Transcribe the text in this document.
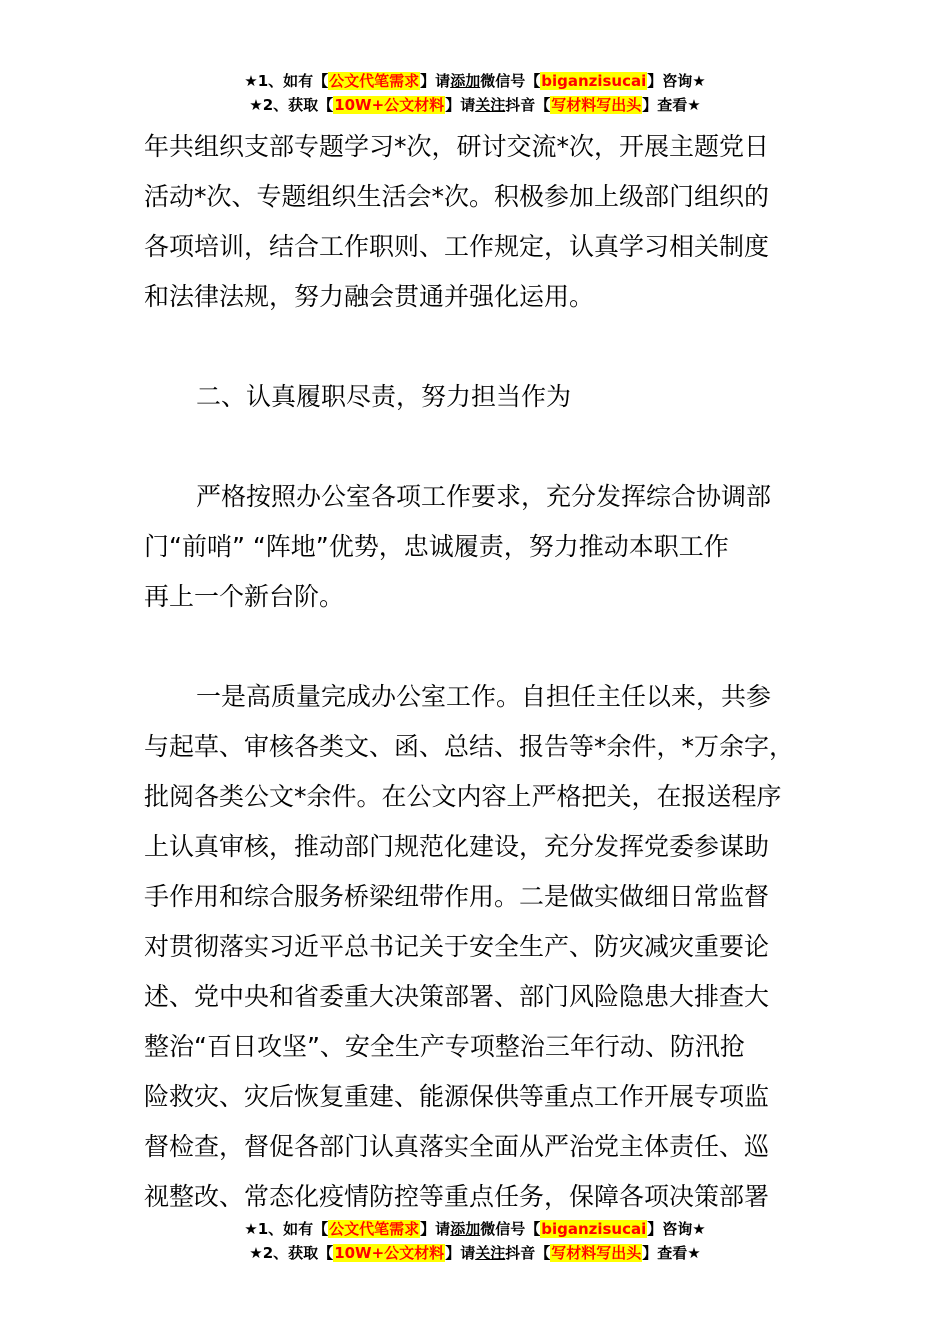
★1、如有【公文代笔需求】请添加微信号【biganzisucai】咨询★
★2、获取【10W+公文材料】请关注抖音【写材料写出头】查看★

年共组织支部专题学习*次，研讨交流*次，开展主题党日

活动*次、专题组织生活会*次。积极参加上级部门组织的

各项培训，结合工作职则、工作规定，认真学习相关制度

和法律法规，努力融会贯通并强化运用。

二、认真履职尽责，努力担当作为

严格按照办公室各项工作要求，充分发挥综合协调部

门“前哨” “阵地”优势，忠诚履责，努力推动本职工作

再上一个新台阶。

一是高质量完成办公室工作。自担任主任以来，共参

与起草、审核各类文、函、总结、报告等*余件，*万余字，

批阅各类公文*余件。在公文内容上严格把关，在报送程序

上认真审核，推动部门规范化建设，充分发挥党委参谋助

手作用和综合服务桥梁纽带作用。二是做实做细日常监督

对贯彻落实习近平总书记关于安全生产、防灾减灾重要论

述、党中央和省委重大决策部署、部门风险隐患大排查大

整治“百日攻坚”、安全生产专项整治三年行动、防汛抢

险救灾、灾后恢复重建、能源保供等重点工作开展专项监

督检查，督促各部门认真落实全面从严治党主体责任、巡

视整改、常态化疫情防控等重点任务，保障各项决策部署

★1、如有【公文代笔需求】请添加微信号【biganzisucai】咨询★
★2、获取【10W+公文材料】请关注抖音【写材料写出头】查看★
